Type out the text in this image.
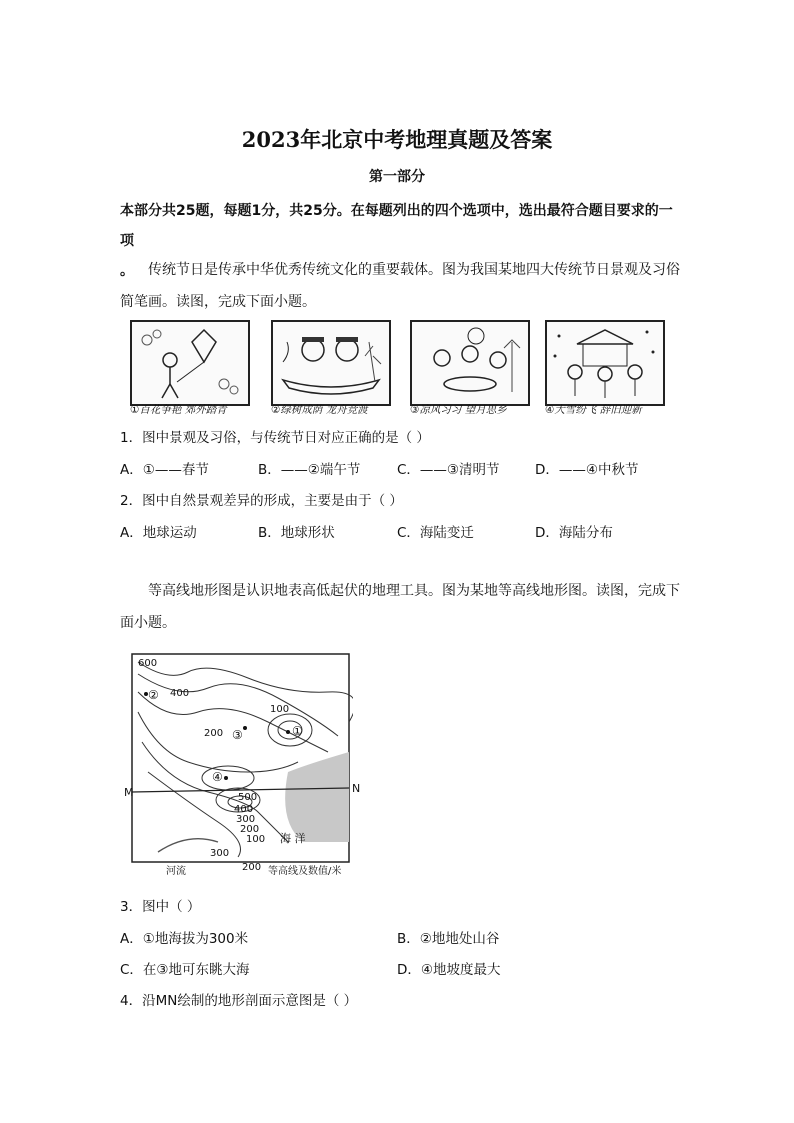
2023年北京中考地理真题及答案
第一部分
本部分共25题，每题1分，共25分。在每题列出的四个选项中，选出最符合题目要求的一项
。	传统节日是传承中华优秀传统文化的重要载体。图为我国某地四大传统节日景观及习俗简笔画。读图，完成下面小题。
①百花争艳 郊外踏青	②绿树成荫 龙舟竞渡	③凉风习习 望月思乡	④大雪纷飞 辞旧迎新
1．图中景观及习俗，与传统节日对应正确的是（ ）
A．①——春节	B．——②端午节	C．——③清明节	D．——④中秋节
2．图中自然景观差异的形成，主要是由于（ ）
A．地球运动	B．地球形状	C．海陆变迁	D．海陆分布
等高线地形图是认识地表高低起伏的地理工具。图为某地等高线地形图。读图，完成下面小题。
600
400
200
100
500
400
300
200
100
300
②
③	①
④
M	N
海 洋
河流	200 等高线及数值/米
3．图中（ ）
A．①地海拔为300米	B．②地地处山谷
C．在③地可东眺大海	D．④地坡度最大
4．沿MN绘制的地形剖面示意图是（ ）
